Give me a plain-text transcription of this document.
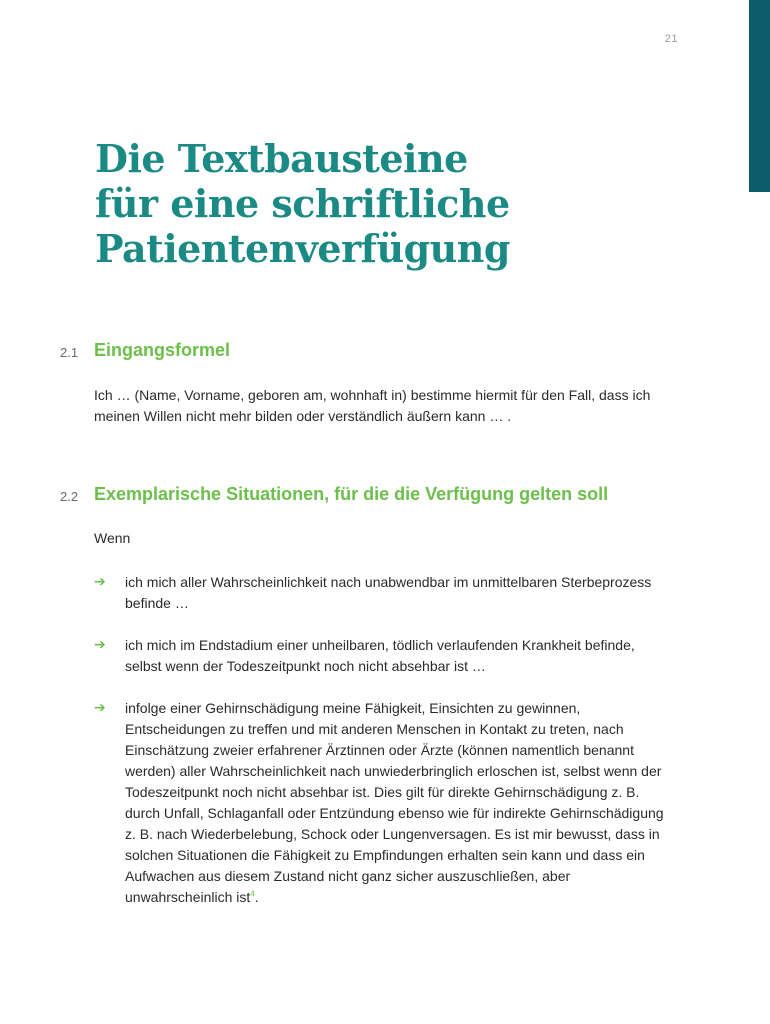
21
Die Textbausteine
für eine schriftliche
Patientenverfügung
2.1 Eingangsformel

Ich … (Name, Vorname, geboren am, wohnhaft in) bestimme hiermit für den Fall, dass ich meinen Willen nicht mehr bilden oder verständlich äußern kann … .

2.2 Exemplarische Situationen, für die die Verfügung gelten soll

Wenn

➔ ich mich aller Wahrscheinlichkeit nach unabwendbar im unmittelbaren Sterbeprozess befinde …

➔ ich mich im Endstadium einer unheilbaren, tödlich verlaufenden Krankheit befinde, selbst wenn der Todeszeitpunkt noch nicht absehbar ist …

➔ infolge einer Gehirnschädigung meine Fähigkeit, Einsichten zu gewinnen, Entscheidungen zu treffen und mit anderen Menschen in Kontakt zu treten, nach Einschätzung zweier erfahrener Ärztinnen oder Ärzte (können namentlich benannt werden) aller Wahrscheinlichkeit nach unwiederbringlich erloschen ist, selbst wenn der Todeszeitpunkt noch nicht absehbar ist. Dies gilt für direkte Gehirnschädigung z. B. durch Unfall, Schlaganfall oder Entzündung ebenso wie für indirekte Gehirnschädigung z. B. nach Wiederbelebung, Schock oder Lungenversagen. Es ist mir bewusst, dass in solchen Situationen die Fähigkeit zu Empfindungen erhalten sein kann und dass ein Aufwachen aus diesem Zustand nicht ganz sicher auszuschließen, aber unwahrscheinlich ist$^4$.
